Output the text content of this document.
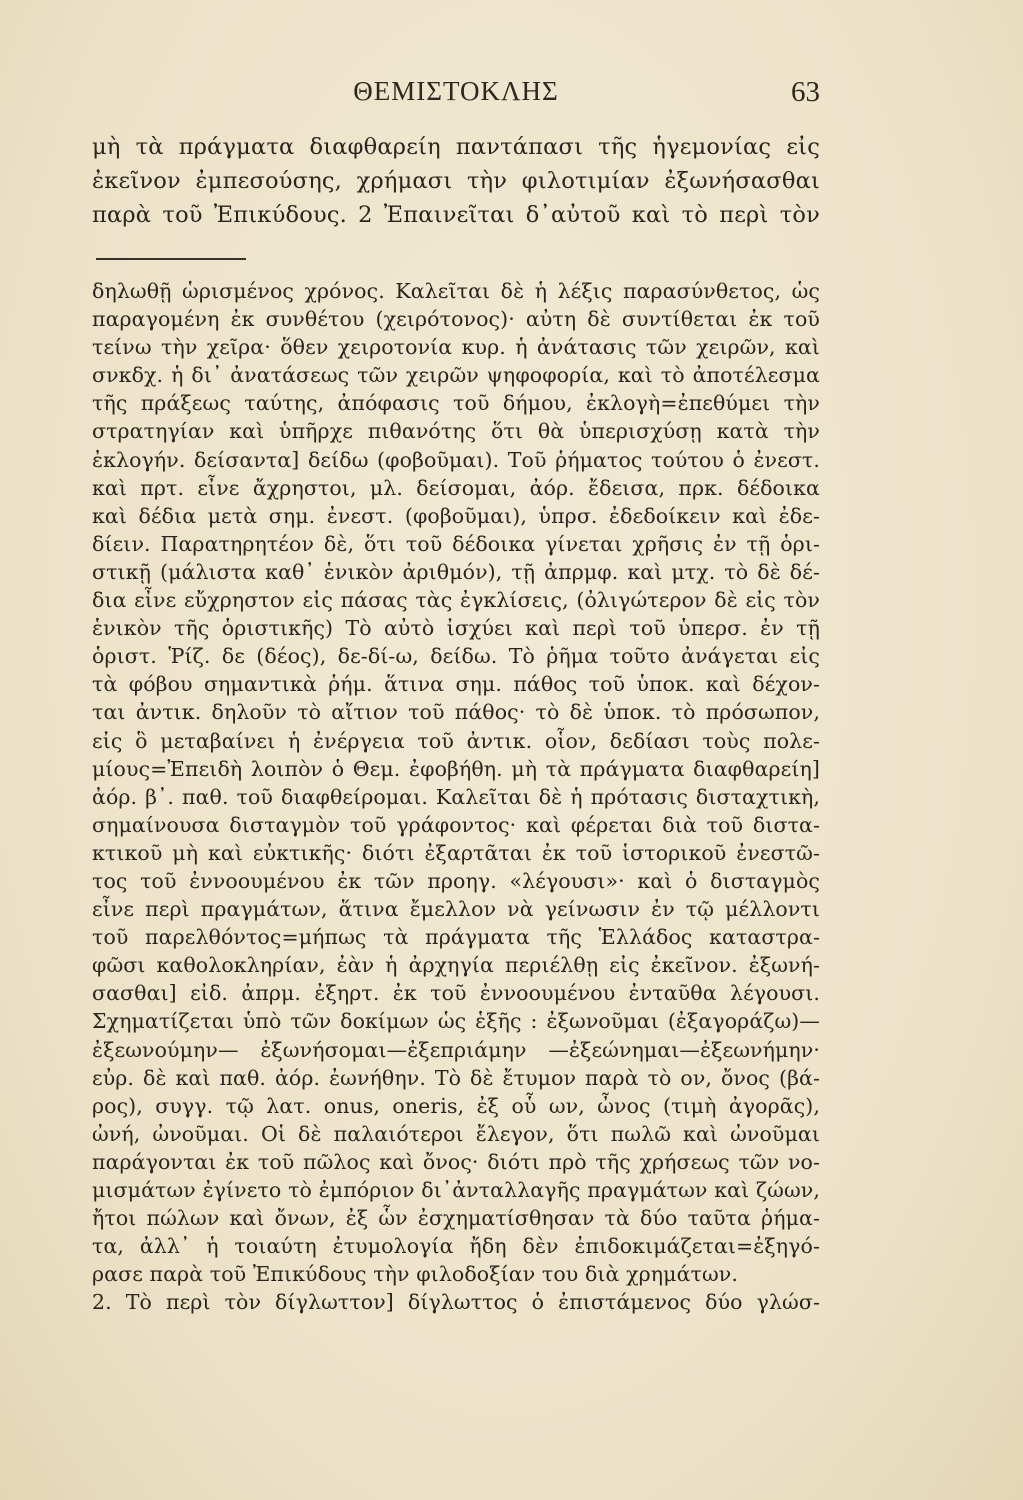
ΘΕΜΙΣΤΟΚΛΗΣ	63
μὴ τὰ πράγματα διαφθαρείη παντάπασι τῆς ἡγεμονίας εἰς
ἐκεῖνον ἐμπεσούσης, χρήμασι τὴν φιλοτιμίαν ἐξωνήσασθαι
παρὰ τοῦ Ἐπικύδους. 2 Ἐπαινεῖται δ᾽αὐτοῦ καὶ τὸ περὶ τὸν
δηλωθῇ ὡρισμένος χρόνος. Καλεῖται δὲ ἡ λέξις παρασύνθετος, ὡς
παραγομένη ἐκ συνθέτου (χειρότονος)· αὐτη δὲ συντίθεται ἐκ τοῦ
τείνω τὴν χεῖρα· ὅθεν χειροτονία κυρ. ἡ ἀνάτασις τῶν χειρῶν, καὶ
σνκδχ. ἡ δι᾽ ἀνατάσεως τῶν χειρῶν ψηφοφορία, καὶ τὸ ἀποτέλεσμα
τῆς πράξεως ταύτης, ἀπόφασις τοῦ δήμου, ἐκλογὴ=ἐπεθύμει τὴν
στρατηγίαν καὶ ὑπῆρχε πιθανότης ὅτι θὰ ὑπερισχύσῃ κατὰ τὴν
ἐκλογήν. δείσαντα] δείδω (φοβοῦμαι). Τοῦ ῥήματος τούτου ὁ ἐνεστ.
καὶ πρτ. εἶνε ἄχρηστοι, μλ. δείσομαι, ἀόρ. ἔδεισα, πρκ. δέδοικα
καὶ δέδια μετὰ σημ. ἐνεστ. (φοβοῦμαι), ὑπρσ. ἐδεδοίκειν καὶ ἐδε-
δίειν. Παρατηρητέον δὲ, ὅτι τοῦ δέδοικα γίνεται χρῆσις ἐν τῇ ὁρι-
στικῇ (μάλιστα καθ᾽ ἑνικὸν ἀριθμόν), τῇ ἀπρμφ. καὶ μτχ. τὸ δὲ δέ-
δια εἶνε εὔχρηστον εἰς πάσας τὰς ἐγκλίσεις, (ὀλιγώτερον δὲ εἰς τὸν
ἑνικὸν τῆς ὁριστικῆς) Τὸ αὐτὸ ἰσχύει καὶ περὶ τοῦ ὑπερσ. ἐν τῇ
ὁριστ. Ῥίζ. δε (δέος), δε-δί-ω, δείδω. Τὸ ῥῆμα τοῦτο ἀνάγεται εἰς
τὰ φόβου σημαντικὰ ῥήμ. ἅτινα σημ. πάθος τοῦ ὑποκ. καὶ δέχον-
ται ἀντικ. δηλοῦν τὸ αἴτιον τοῦ πάθος· τὸ δὲ ὑποκ. τὸ πρόσωπον,
εἰς ὃ μεταβαίνει ἡ ἐνέργεια τοῦ ἀντικ. οἷον, δεδίασι τοὺς πολε-
μίους=Ἐπειδὴ λοιπὸν ὁ Θεμ. ἐφοβήθη. μὴ τὰ πράγματα διαφθαρείη]
ἀόρ. β᾽. παθ. τοῦ διαφθείρομαι. Καλεῖται δὲ ἡ πρότασις δισταχτικὴ,
σημαίνουσα δισταγμὸν τοῦ γράφοντος· καὶ φέρεται διὰ τοῦ διστα-
κτικοῦ μὴ καὶ εὐκτικῆς· διότι ἐξαρτᾶται ἐκ τοῦ ἱστορικοῦ ἐνεστῶ-
τος τοῦ ἐννοουμένου ἐκ τῶν προηγ. «λέγουσι»· καὶ ὁ δισταγμὸς
εἶνε περὶ πραγμάτων, ἅτινα ἔμελλον νὰ γείνωσιν ἐν τῷ μέλλοντι
τοῦ παρελθόντος=μήπως τὰ πράγματα τῆς Ἑλλάδος καταστρα-
φῶσι καθολοκληρίαν, ἐὰν ἡ ἀρχηγία περιέλθῃ εἰς ἐκεῖνον. ἐξωνή-
σασθαι] εἰδ. ἀπρμ. ἐξηρτ. ἐκ τοῦ ἐννοουμένου ἐνταῦθα λέγουσι.
Σχηματίζεται ὑπὸ τῶν δοκίμων ὡς ἑξῆς : ἐξωνοῦμαι (ἐξαγοράζω)—
ἐξεωνούμην— ἐξωνήσομαι—ἐξεπριάμην —ἐξεώνημαι—ἐξεωνήμην·
εὐρ. δὲ καὶ παθ. ἀόρ. ἐωνήθην. Τὸ δὲ ἔτυμον παρὰ τὸ ον, ὄνος (βά-
ρος), συγγ. τῷ λατ. onus, oneris, ἐξ οὗ ων, ὦνος (τιμὴ ἀγορᾶς),
ὠνή, ὠνοῦμαι. Οἱ δὲ παλαιότεροι ἔλεγον, ὅτι πωλῶ καὶ ὠνοῦμαι
παράγονται ἐκ τοῦ πῶλος καὶ ὄνος· διότι πρὸ τῆς χρήσεως τῶν νο-
μισμάτων ἐγίνετο τὸ ἐμπόριον δι᾽ἀνταλλαγῆς πραγμάτων καὶ ζώων,
ἤτοι πώλων καὶ ὄνων, ἐξ ὧν ἐσχηματίσθησαν τὰ δύο ταῦτα ῥήμα-
τα, ἀλλ᾽ ἡ τοιαύτη ἐτυμολογία ἤδη δὲν ἐπιδοκιμάζεται=ἐξηγό-
ρασε παρὰ τοῦ Ἐπικύδους τὴν φιλοδοξίαν του διὰ χρημάτων.
2. Τὸ περὶ τὸν δίγλωττον] δίγλωττος ὁ ἐπιστάμενος δύο γλώσ-
